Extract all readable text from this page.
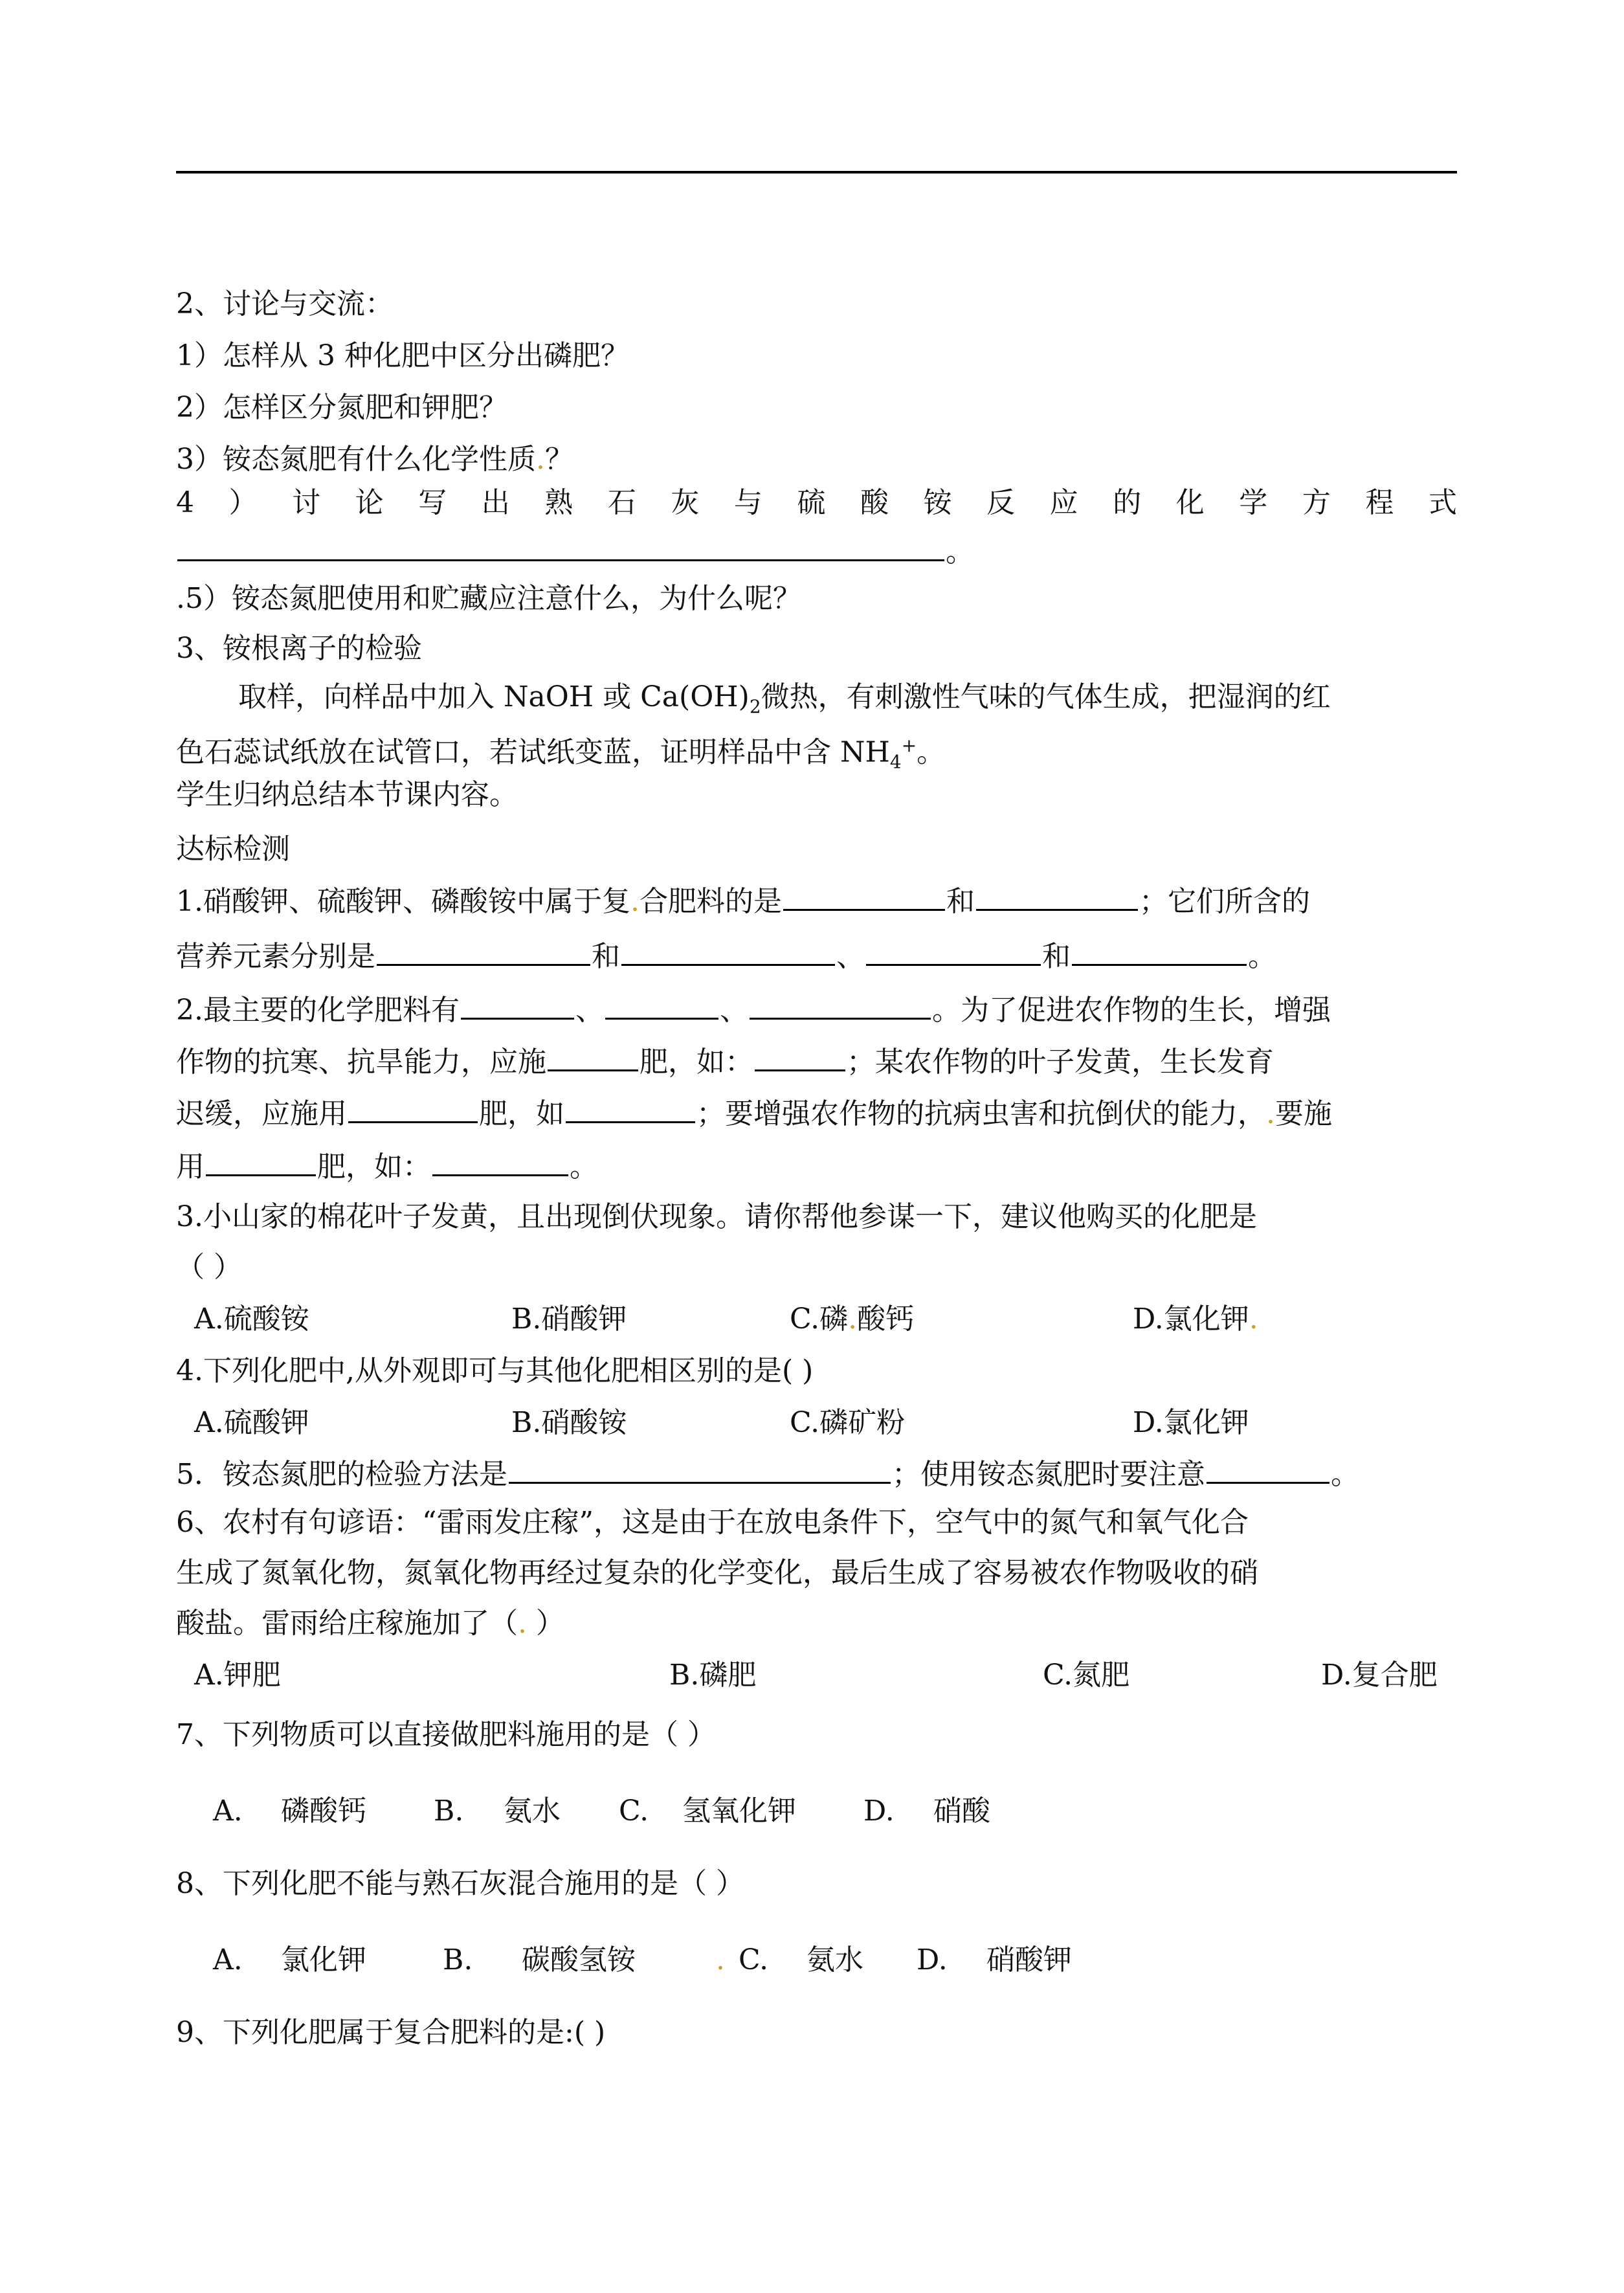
2、讨论与交流：
1）怎样从 3 种化肥中区分出磷肥？
2）怎样区分氮肥和钾肥？
3）铵态氮肥有什么化学性质.？
4 ） 讨 论 写 出 熟 石 灰 与 硫 酸 铵 反 应 的 化 学 方 程 式
。
.5）铵态氮肥使用和贮藏应注意什么，为什么呢？
3、铵根离子的检验
取样，向样品中加入 NaOH 或 $Ca(OH)_2$微热，有刺激性气味的气体生成，把湿润的红
色石蕊试纸放在试管口，若试纸变蓝，证明样品中含 $NH_4^+$。
学生归纳总结本节课内容。
达标检测
1.硝酸钾、硫酸钾、磷酸铵中属于复.合肥料的是	和	；它们所含的
营养元素分别是	和	、	和	。
2.最主要的化学肥料有	、	、	。为了促进农作物的生长，增强
作物的抗寒、抗旱能力，应施	肥，如：	；某农作物的叶子发黄，生长发育
迟缓，应施用	肥，如	；要增强农作物的抗病虫害和抗倒伏的能力，.要施
用	肥，如：	。
3.小山家的棉花叶子发黄，且出现倒伏现象。请你帮他参谋一下，建议他购买的化肥是
（ ）
A.硫酸铵	B.硝酸钾	C.磷.酸钙	D.氯化钾.
4.下列化肥中,从外观即可与其他化肥相区别的是( )
A.硫酸钾	B.硝酸铵	C.磷矿粉	D.氯化钾
5．铵态氮肥的检验方法是	；使用铵态氮肥时要注意	。
6、农村有句谚语：“雷雨发庄稼”，这是由于在放电条件下，空气中的氮气和氧气化合
生成了氮氧化物，氮氧化物再经过复杂的化学变化，最后生成了容易被农作物吸收的硝
酸盐。雷雨给庄稼施加了（. ）
A.钾肥	B.磷肥	C.氮肥	D.复合肥
7、下列物质可以直接做肥料施用的是（ ）
A.	磷酸钙	B.	氨水	C.	氢氧化钾	D.	硝酸
8、下列化肥不能与熟石灰混合施用的是（ ）
A.	氯化钾	B.	碳酸氢铵	. C.	氨水	D.	硝酸钾
9、下列化肥属于复合肥料的是:( )
